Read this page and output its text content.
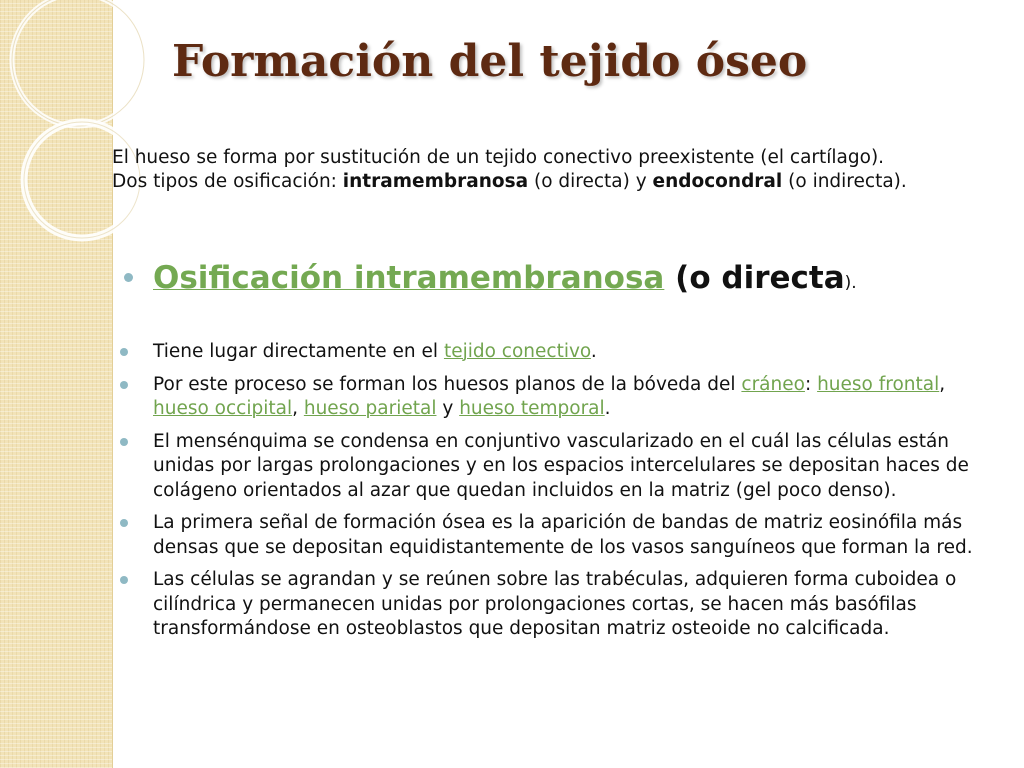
Formación del tejido óseo

El hueso se forma por sustitución de un tejido conectivo preexistente (el cartílago).
Dos tipos de osificación: intramembranosa (o directa) y endocondral (o indirecta).

Osificación intramembranosa (o directa).
Tiene lugar directamente en el tejido conectivo.
Por este proceso se forman los huesos planos de la bóveda del cráneo: hueso frontal, hueso occipital, hueso parietal y hueso temporal.
El mensénquima se condensa en conjuntivo vascularizado en el cuál las células están unidas por largas prolongaciones y en los espacios intercelulares se depositan haces de colágeno orientados al azar que quedan incluidos en la matriz (gel poco denso).
La primera señal de formación ósea es la aparición de bandas de matriz eosinófila más densas que se depositan equidistantemente de los vasos sanguíneos que forman la red.
Las células se agrandan y se reúnen sobre las trabéculas, adquieren forma cuboidea o cilíndrica y permanecen unidas por prolongaciones cortas, se hacen más basófilas transformándose en osteoblastos que depositan matriz osteoide no calcificada.
